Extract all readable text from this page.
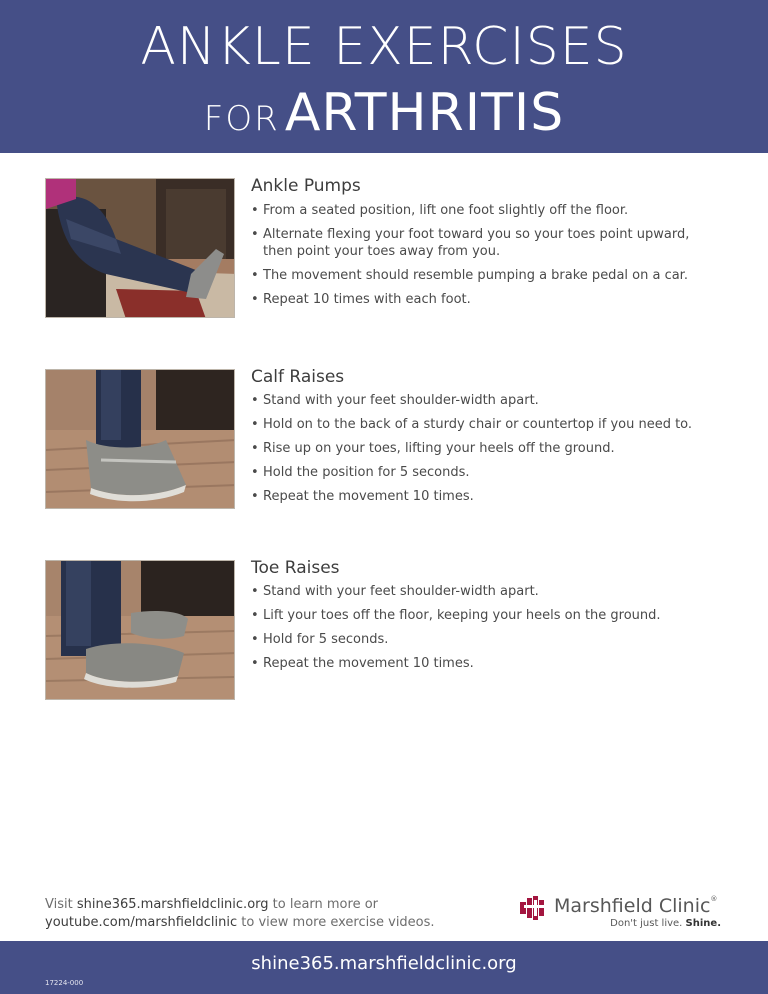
ANKLE EXERCISES
FOR ARTHRITIS
Ankle Pumps
• From a seated position, lift one foot slightly off the floor.
• Alternate flexing your foot toward you so your toes point upward, then point your toes away from you.
• The movement should resemble pumping a brake pedal on a car.
• Repeat 10 times with each foot.
Calf Raises
• Stand with your feet shoulder-width apart.
• Hold on to the back of a sturdy chair or countertop if you need to.
• Rise up on your toes, lifting your heels off the ground.
• Hold the position for 5 seconds.
• Repeat the movement 10 times.
Toe Raises
• Stand with your feet shoulder-width apart.
• Lift your toes off the floor, keeping your heels on the ground.
• Hold for 5 seconds.
• Repeat the movement 10 times.
Visit shine365.marshfieldclinic.org to learn more or
youtube.com/marshfieldclinic to view more exercise videos.
Marshfield Clinic®
Don't just live. Shine.
shine365.marshfieldclinic.org
17224-000
